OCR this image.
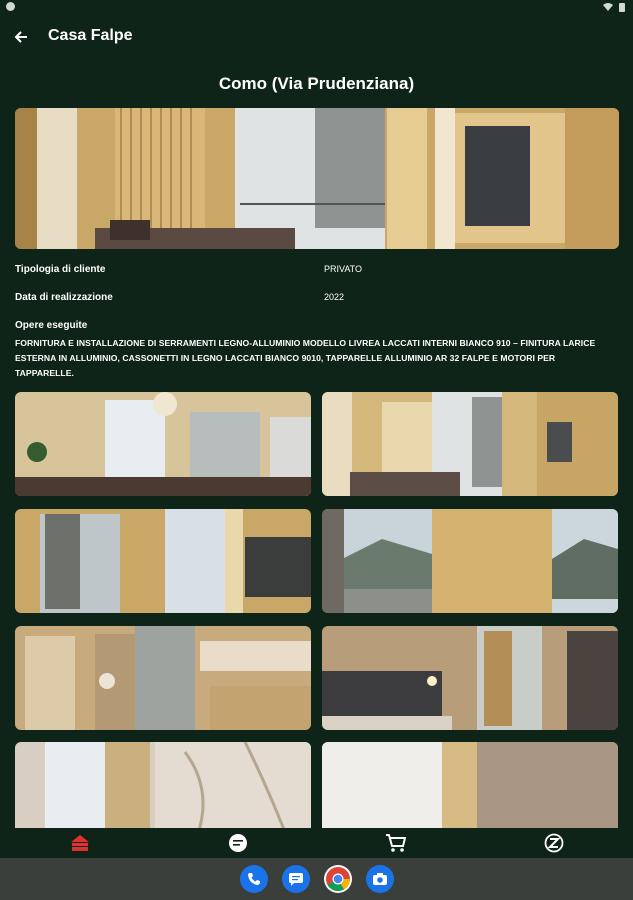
Casa Falpe
Como (Via Prudenziana)
Tipologia di cliente	PRIVATO
Data di realizzazione	2022
Opere eseguite
FORNITURA E INSTALLAZIONE DI SERRAMENTI LEGNO-ALLUMINIO MODELLO LIVREA LACCATI INTERNI BIANCO 910 – FINITURA LARICE ESTERNA IN ALLUMINIO, CASSONETTI IN LEGNO LACCATI BIANCO 9010, TAPPARELLE ALLUMINIO AR 32 FALPE E MOTORI PER TAPPARELLE.
